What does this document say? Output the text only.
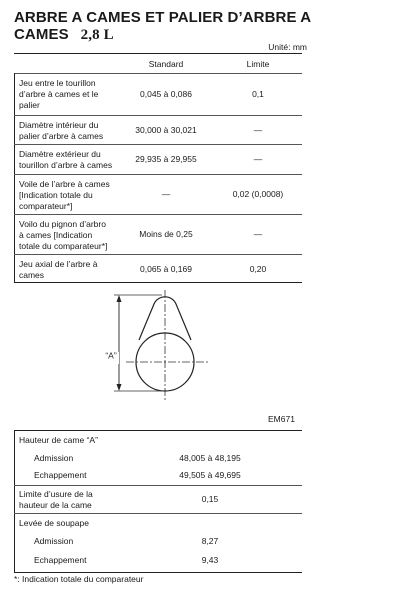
ARBRE A CAMES ET PALIER D’ARBRE A
CAMES 2,8 L
Unité: mm
Standard	Limite
Jeu entre le tourillon
d’arbre à cames et le
palier
0,045 à 0,086	0,1
Diamètre intérieur du
palier d’arbre à cames
30,000 à 30,021	—
Diamètre extérieur du
tourillon d’arbre à cames
29,935 à 29,955	—
Voile de l’arbre à cames
[Indication totale du
comparateur*]
—	0,02 (0,0008)
Voilo du pignon d’arbro
à cames [Indication
totale du comparateur*]
Moins de 0,25	—
Jeu axial de l’arbre à
cames
0,065 à 0,169	0,20
“A”
EM671
Hauteur de came “A”
Admission	48,005 à 48,195
Echappement	49,505 à 49,695
Limite d’usure de la
hauteur de la came
0,15
Levée de soupape
Admission	8,27
Echappement	9,43
*: Indication totale du comparateur
